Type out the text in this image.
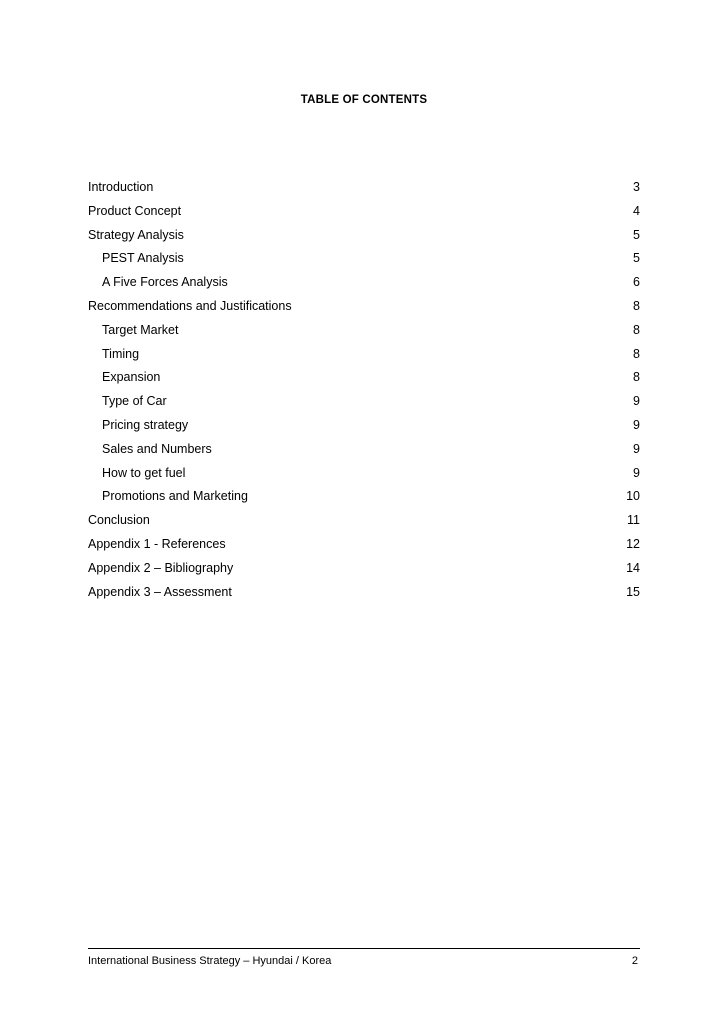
TABLE OF CONTENTS
Introduction .....	3
Product Concept .....	4
Strategy Analysis .....	5
PEST Analysis .....	5
A Five Forces Analysis .....	6
Recommendations and Justifications .....	8
Target Market .....	8
Timing .....	8
Expansion .....	8
Type of Car .....	9
Pricing strategy .....	9
Sales and Numbers .....	9
How to get fuel .....	9
Promotions and Marketing .....	10
Conclusion .....	11
Appendix 1 - References .....	12
Appendix 2 – Bibliography .....	14
Appendix 3 – Assessment .....	15
International Business Strategy – Hyundai / Korea	2
